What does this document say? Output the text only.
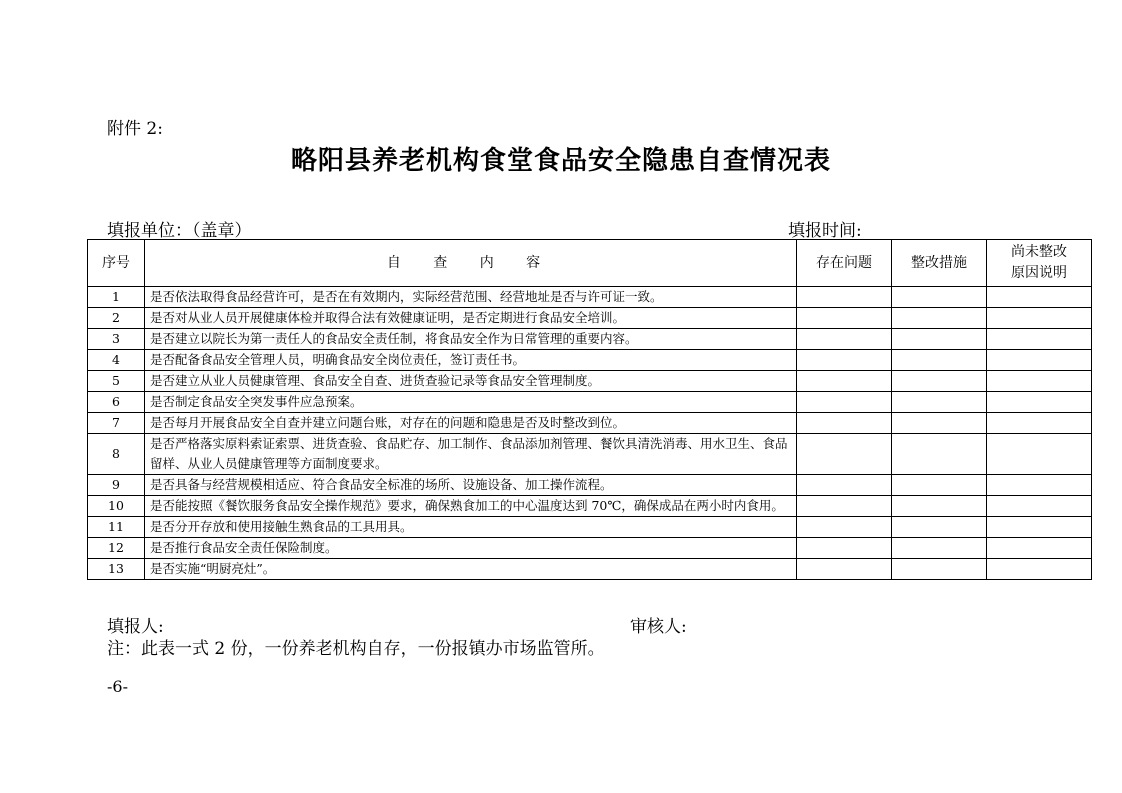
附件 2:
略阳县养老机构食堂食品安全隐患自查情况表
填报单位：（盖章）	填报时间:
序号	自 查 内 容	存在问题	整改措施	尚未整改
原因说明

1	是否依法取得食品经营许可，是否在有效期内，实际经营范围、经营地址是否与许可证一致。			
2	是否对从业人员开展健康体检并取得合法有效健康证明，是否定期进行食品安全培训。			
3	是否建立以院长为第一责任人的食品安全责任制，将食品安全作为日常管理的重要内容。			
4	是否配备食品安全管理人员，明确食品安全岗位责任，签订责任书。			
5	是否建立从业人员健康管理、食品安全自查、进货查验记录等食品安全管理制度。			
6	是否制定食品安全突发事件应急预案。			
7	是否每月开展食品安全自查并建立问题台账，对存在的问题和隐患是否及时整改到位。			
8	是否严格落实原料索证索票、进货查验、食品贮存、加工制作、食品添加剂管理、餐饮具清洗消毒、用水卫生、食品留样、从业人员健康管理等方面制度要求。			
9	是否具备与经营规模相适应、符合食品安全标准的场所、设施设备、加工操作流程。			
10	是否能按照《餐饮服务食品安全操作规范》要求，确保熟食加工的中心温度达到 70℃，确保成品在两小时内食用。			
11	是否分开存放和使用接触生熟食品的工具用具。			
12	是否推行食品安全责任保险制度。			
13	是否实施“明厨亮灶”。			
填报人:	审核人:
注：此表一式 2 份，一份养老机构自存，一份报镇办市场监管所。
-6-
